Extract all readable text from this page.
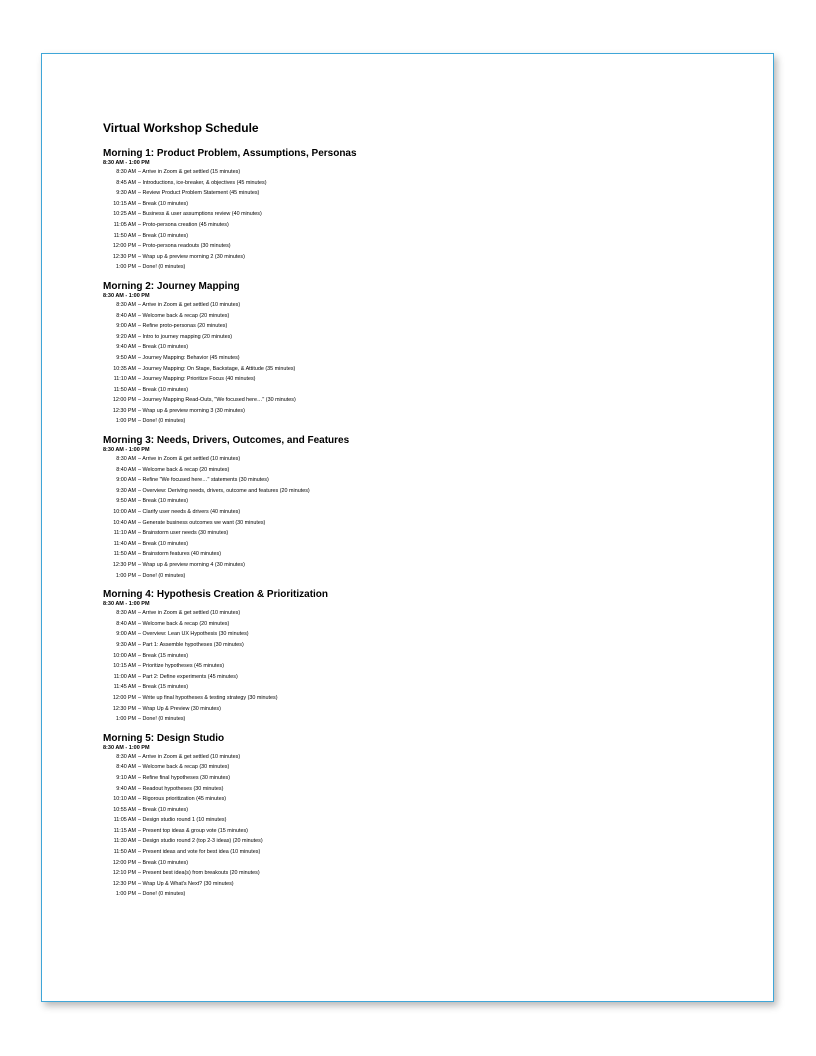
Virtual Workshop Schedule
Morning 1: Product Problem, Assumptions, Personas
8:30 AM - 1:00 PM
8:30 AM – Arrive in Zoom & get settled (15 minutes)
8:45 AM – Introductions, ice-breaker, & objectives (45 minutes)
9:30 AM – Review Product Problem Statement (45 minutes)
10:15 AM – Break (10 minutes)
10:25 AM – Business & user assumptions review (40 minutes)
11:05 AM – Proto-persona creation (45 minutes)
11:50 AM – Break (10 minutes)
12:00 PM – Proto-persona readouts (30 minutes)
12:30 PM – Wrap up & preview morning 2 (30 minutes)
1:00 PM – Done! (0 minutes)
Morning 2: Journey Mapping
8:30 AM - 1:00 PM
8:30 AM – Arrive in Zoom & get settled (10 minutes)
8:40 AM – Welcome back & recap (20 minutes)
9:00 AM – Refine proto-personas (20 minutes)
9:20 AM – Intro to journey mapping (20 minutes)
9:40 AM – Break (10 minutes)
9:50 AM – Journey Mapping: Behavior (45 minutes)
10:35 AM – Journey Mapping: On Stage, Backstage, & Attitude (35 minutes)
11:10 AM – Journey Mapping: Prioritize Focus (40 minutes)
11:50 AM – Break (10 minutes)
12:00 PM – Journey Mapping Read-Outs, "We focused here…" (30 minutes)
12:30 PM – Wrap up & preview morning 3 (30 minutes)
1:00 PM – Done! (0 minutes)
Morning 3: Needs, Drivers, Outcomes, and Features
8:30 AM - 1:00 PM
8:30 AM – Arrive in Zoom & get settled (10 minutes)
8:40 AM – Welcome back & recap (20 minutes)
9:00 AM – Refine "We focused here…" statements (30 minutes)
9:30 AM – Overview: Deriving needs, drivers, outcome and features (20 minutes)
9:50 AM – Break (10 minutes)
10:00 AM – Clarify user needs & drivers (40 minutes)
10:40 AM – Generate business outcomes we want (30 minutes)
11:10 AM – Brainstorm user needs (30 minutes)
11:40 AM – Break (10 minutes)
11:50 AM – Brainstorm features (40 minutes)
12:30 PM – Wrap up & preview morning 4 (30 minutes)
1:00 PM – Done! (0 minutes)
Morning 4: Hypothesis Creation & Prioritization
8:30 AM - 1:00 PM
8:30 AM – Arrive in Zoom & get settled (10 minutes)
8:40 AM – Welcome back & recap (20 minutes)
9:00 AM – Overview: Lean UX Hypothesis (30 minutes)
9:30 AM – Part 1: Assemble hypotheses (30 minutes)
10:00 AM – Break (15 minutes)
10:15 AM – Prioritize hypotheses (45 minutes)
11:00 AM – Part 2: Define experiments (45 minutes)
11:45 AM – Break (15 minutes)
12:00 PM – Write up final hypotheses & testing strategy (30 minutes)
12:30 PM – Wrap Up & Preview (30 minutes)
1:00 PM – Done! (0 minutes)
Morning 5: Design Studio
8:30 AM - 1:00 PM
8:30 AM – Arrive in Zoom & get settled (10 minutes)
8:40 AM – Welcome back & recap (30 minutes)
9:10 AM – Refine final hypotheses (30 minutes)
9:40 AM – Readout hypotheses (30 minutes)
10:10 AM – Rigorous prioritization (45 minutes)
10:55 AM – Break (10 minutes)
11:05 AM – Design studio round 1 (10 minutes)
11:15 AM – Present top ideas & group vote (15 minutes)
11:30 AM – Design studio round 2 (top 2-3 ideas) (20 minutes)
11:50 AM – Present ideas and vote for best idea (10 minutes)
12:00 PM – Break (10 minutes)
12:10 PM – Present best idea(s) from breakouts (20 minutes)
12:30 PM – Wrap Up & What's Next? (30 minutes)
1:00 PM – Done! (0 minutes)
